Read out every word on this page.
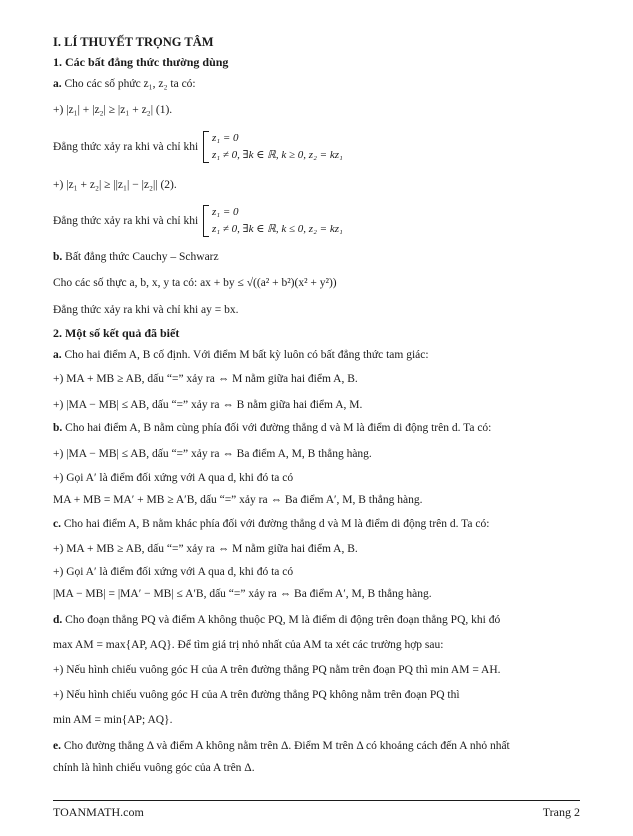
I. LÍ THUYẾT TRỌNG TÂM
1. Các bất đẳng thức thường dùng
a. Cho các số phức z₁, z₂ ta có:
+) |z₁| + |z₂| ≥ |z₁ + z₂| (1).
Đẳng thức xảy ra khi và chỉ khi
z₁ = 0
z₁ ≠ 0, ∃k ∈ ℝ, k ≥ 0, z₂ = kz₁
+) |z₁ + z₂| ≥ ||z₁| − |z₂|| (2).
Đẳng thức xảy ra khi và chỉ khi
z₁ = 0
z₁ ≠ 0, ∃k ∈ ℝ, k ≤ 0, z₂ = kz₁
b. Bất đẳng thức Cauchy – Schwarz
Cho các số thực a, b, x, y ta có: ax + by ≤ √((a² + b²)(x² + y²))
Đẳng thức xảy ra khi và chỉ khi ay = bx.
2. Một số kết quả đã biết
a. Cho hai điểm A, B cố định. Với điểm M bất kỳ luôn có bất đẳng thức tam giác:
+) MA + MB ≥ AB, dấu “=” xảy ra ⇔ M nằm giữa hai điểm A, B.
+) |MA − MB| ≤ AB, dấu “=” xảy ra ⇔ B nằm giữa hai điểm A, M.
b. Cho hai điểm A, B nằm cùng phía đối với đường thẳng d và M là điểm di động trên d. Ta có:
+) |MA − MB| ≤ AB, dấu “=” xảy ra ⇔ Ba điểm A, M, B thẳng hàng.
+) Gọi A′ là điểm đối xứng với A qua d, khi đó ta có
MA + MB = MA′ + MB ≥ A′B, dấu “=” xảy ra ⇔ Ba điểm A′, M, B thẳng hàng.
c. Cho hai điểm A, B nằm khác phía đối với đường thẳng d và M là điểm di động trên d. Ta có:
+) MA + MB ≥ AB, dấu “=” xảy ra ⇔ M nằm giữa hai điểm A, B.
+) Gọi A′ là điểm đối xứng với A qua d, khi đó ta có
|MA − MB| = |MA′ − MB| ≤ A′B, dấu “=” xảy ra ⇔ Ba điểm A′, M, B thẳng hàng.
d. Cho đoạn thẳng PQ và điểm A không thuộc PQ, M là điểm di động trên đoạn thẳng PQ, khi đó
max AM = max{AP, AQ}. Để tìm giá trị nhỏ nhất của AM ta xét các trường hợp sau:
+) Nếu hình chiếu vuông góc H của A trên đường thẳng PQ nằm trên đoạn PQ thì min AM = AH.
+) Nếu hình chiếu vuông góc H của A trên đường thẳng PQ không nằm trên đoạn PQ thì
min AM = min{AP; AQ}.
e. Cho đường thẳng Δ và điểm A không nằm trên Δ. Điểm M trên Δ có khoảng cách đến A nhỏ nhất
chính là hình chiếu vuông góc của A trên Δ.
TOANMATH.com	Trang 2
